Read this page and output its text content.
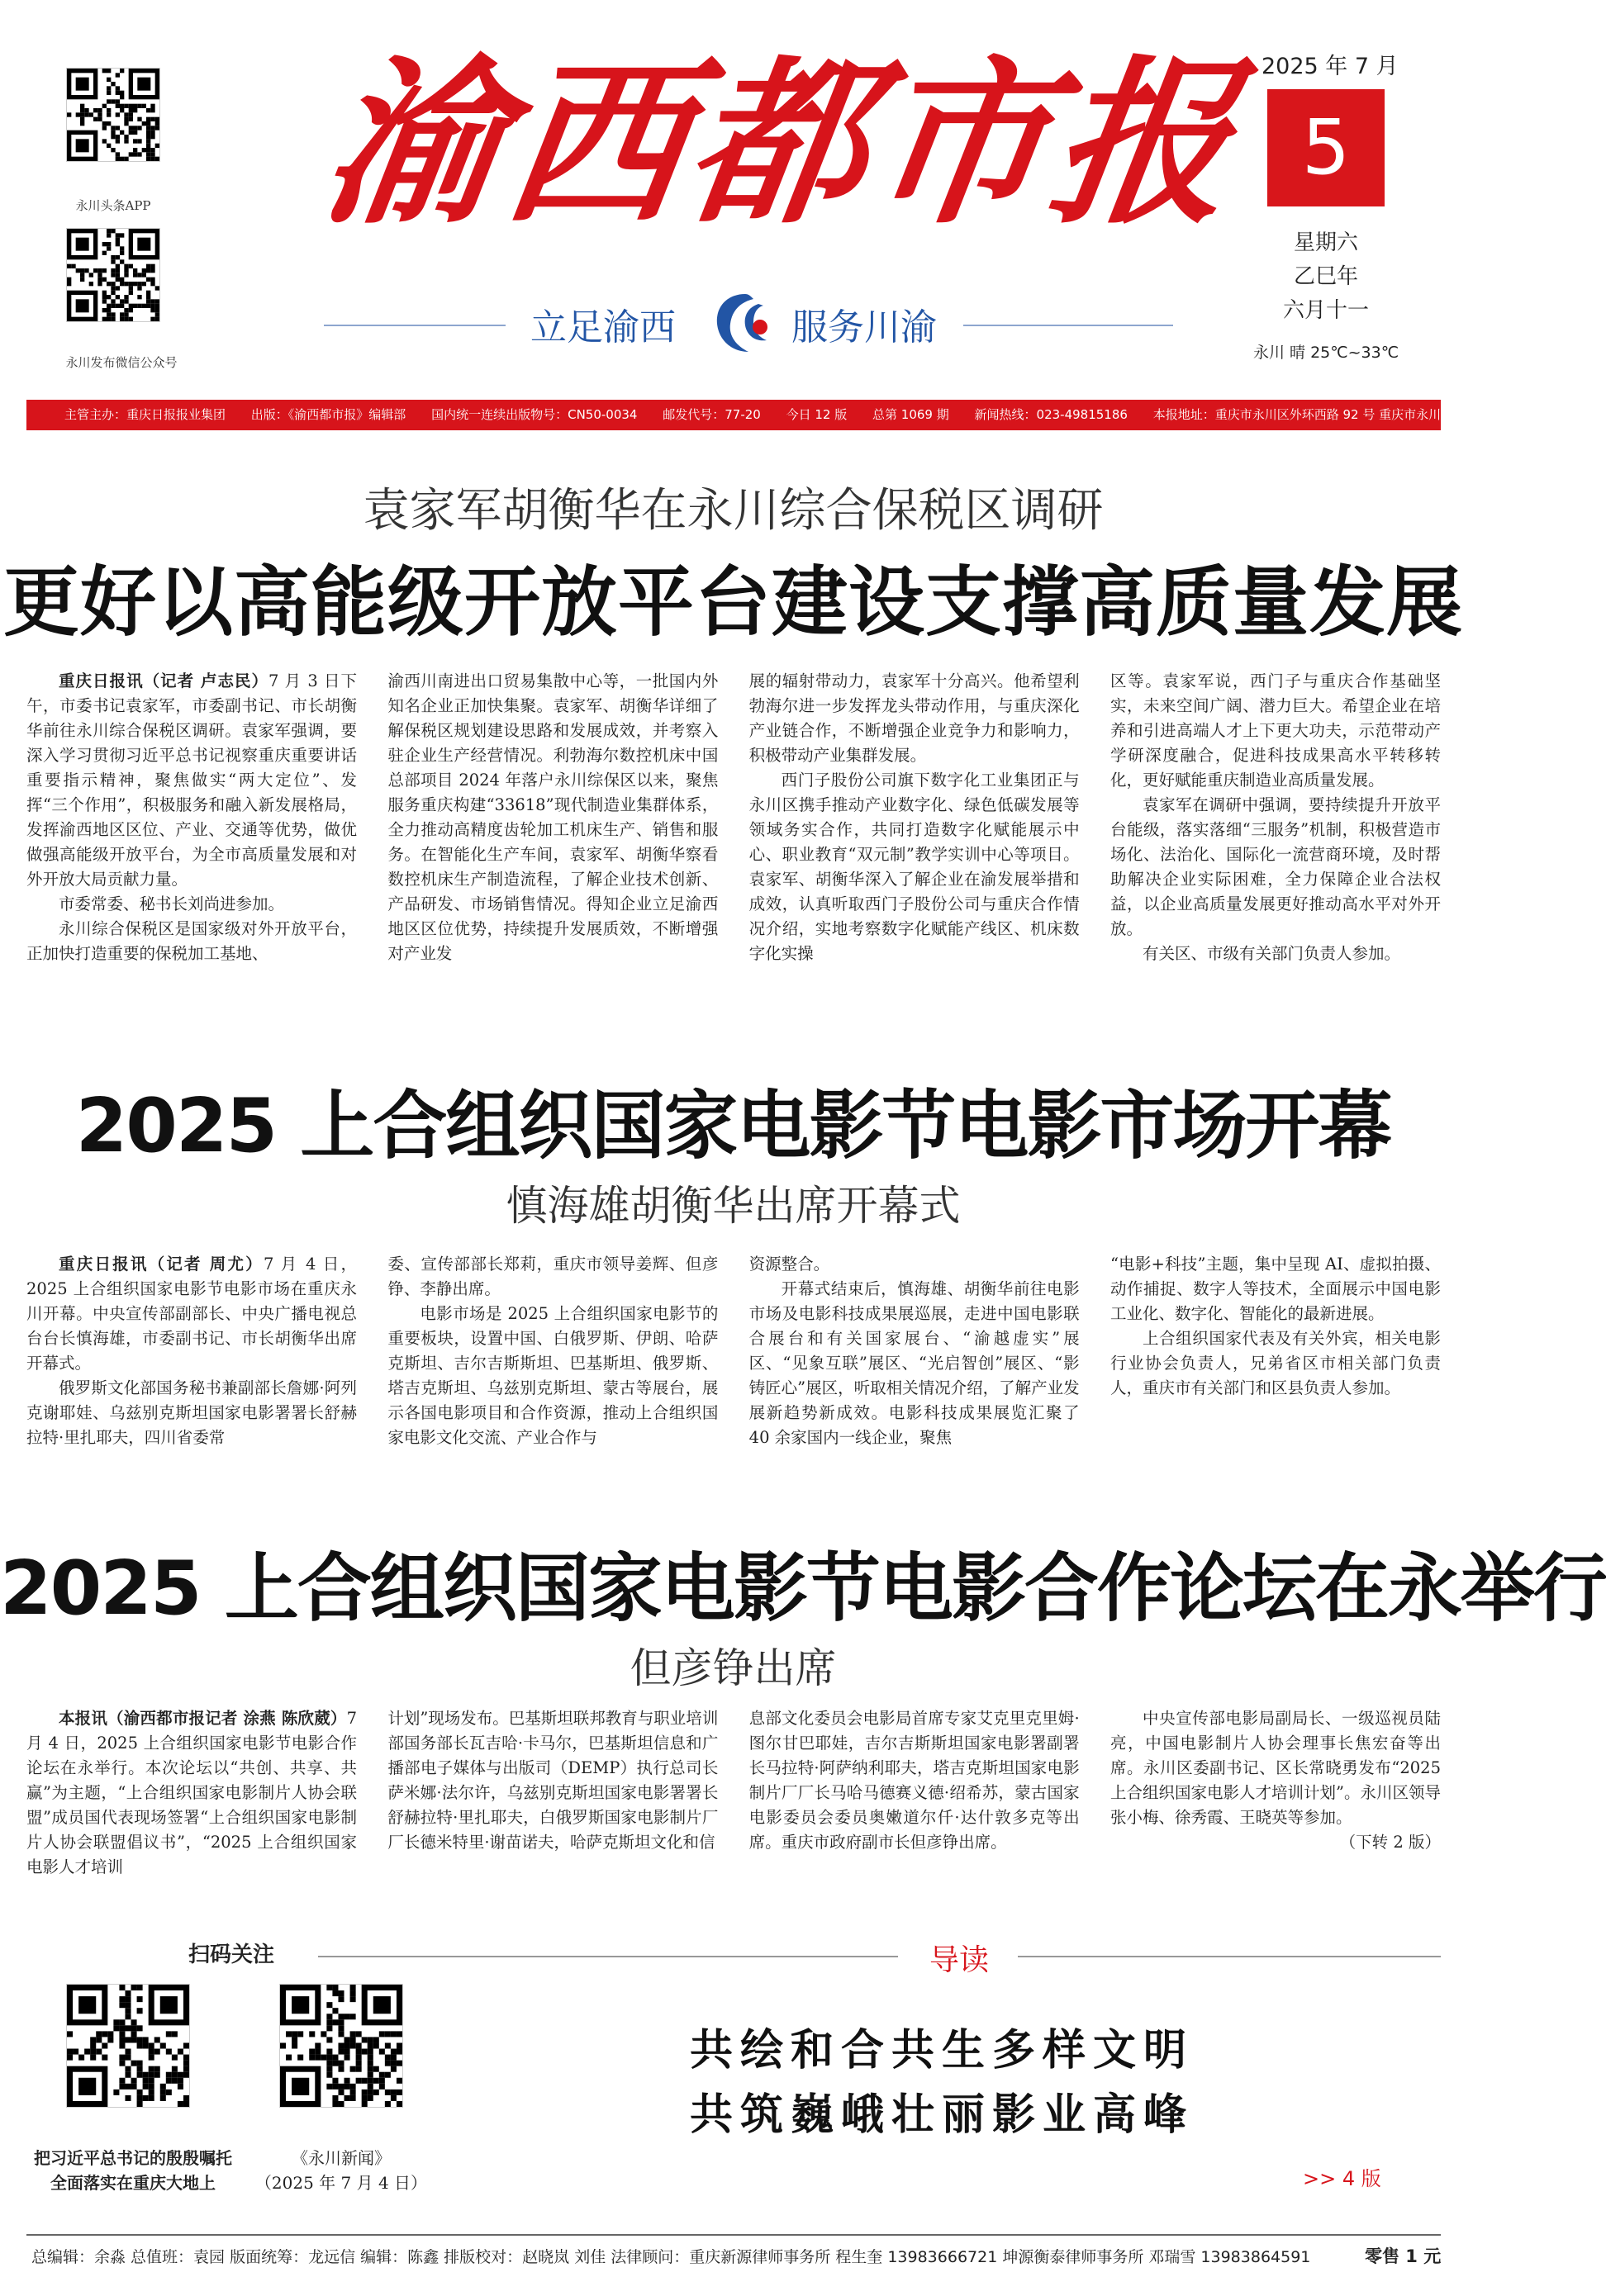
永川头条APP
永川发布微信公众号
渝西都市报
立足渝西	服务川渝
2025 年 7 月
5
星期六
乙巳年
六月十一
永川 晴 25℃~33℃
主管主办：重庆日报报业集团 出版：《渝西都市报》编辑部 国内统一连续出版物号：CN50-0034 邮发代号：77-20 今日 12 版 总第 1069 期 新闻热线：023-49815186 本报地址：重庆市永川区外环西路 92 号 重庆市永川区融媒体中心
袁家军胡衡华在永川综合保税区调研
更好以高能级开放平台建设支撑高质量发展

重庆日报讯（记者 卢志民）7 月 3 日下午，市委书记袁家军，市委副书记、市长胡衡华前往永川综合保税区调研。袁家军强调，要深入学习贯彻习近平总书记视察重庆重要讲话重要指示精神，聚焦做实“两大定位”、发挥“三个作用”，积极服务和融入新发展格局，发挥渝西地区区位、产业、交通等优势，做优做强高能级开放平台，为全市高质量发展和对外开放大局贡献力量。

市委常委、秘书长刘尚进参加。

永川综合保税区是国家级对外开放平台，正加快打造重要的保税加工基地、

渝西川南进出口贸易集散中心等，一批国内外知名企业正加快集聚。袁家军、胡衡华详细了解保税区规划建设思路和发展成效，并考察入驻企业生产经营情况。利勃海尔数控机床中国总部项目 2024 年落户永川综保区以来，聚焦服务重庆构建“33618”现代制造业集群体系，全力推动高精度齿轮加工机床生产、销售和服务。在智能化生产车间，袁家军、胡衡华察看数控机床生产制造流程，了解企业技术创新、产品研发、市场销售情况。得知企业立足渝西地区区位优势，持续提升发展质效，不断增强对产业发

展的辐射带动力，袁家军十分高兴。他希望利勃海尔进一步发挥龙头带动作用，与重庆深化产业链合作，不断增强企业竞争力和影响力，积极带动产业集群发展。

西门子股份公司旗下数字化工业集团正与永川区携手推动产业数字化、绿色低碳发展等领域务实合作，共同打造数字化赋能展示中心、职业教育“双元制”教学实训中心等项目。袁家军、胡衡华深入了解企业在渝发展举措和成效，认真听取西门子股份公司与重庆合作情况介绍，实地考察数字化赋能产线区、机床数字化实操

区等。袁家军说，西门子与重庆合作基础坚实，未来空间广阔、潜力巨大。希望企业在培养和引进高端人才上下更大功夫，示范带动产学研深度融合，促进科技成果高水平转移转化，更好赋能重庆制造业高质量发展。

袁家军在调研中强调，要持续提升开放平台能级，落实落细“三服务”机制，积极营造市场化、法治化、国际化一流营商环境，及时帮助解决企业实际困难，全力保障企业合法权益，以企业高质量发展更好推动高水平对外开放。

有关区、市级有关部门负责人参加。

2025 上合组织国家电影节电影市场开幕
慎海雄胡衡华出席开幕式

重庆日报讯（记者 周尤）7 月 4 日，2025 上合组织国家电影节电影市场在重庆永川开幕。中央宣传部副部长、中央广播电视总台台长慎海雄，市委副书记、市长胡衡华出席开幕式。

俄罗斯文化部国务秘书兼副部长詹娜·阿列克谢耶娃、乌兹别克斯坦国家电影署署长舒赫拉特·里扎耶夫，四川省委常

委、宣传部部长郑莉，重庆市领导姜辉、但彦铮、李静出席。

电影市场是 2025 上合组织国家电影节的重要板块，设置中国、白俄罗斯、伊朗、哈萨克斯坦、吉尔吉斯斯坦、巴基斯坦、俄罗斯、塔吉克斯坦、乌兹别克斯坦、蒙古等展台，展示各国电影项目和合作资源，推动上合组织国家电影文化交流、产业合作与

资源整合。

开幕式结束后，慎海雄、胡衡华前往电影市场及电影科技成果展巡展，走进中国电影联合展台和有关国家展台、“渝越虚实”展区、“见象互联”展区、“光启智创”展区、“影铸匠心”展区，听取相关情况介绍，了解产业发展新趋势新成效。电影科技成果展览汇聚了 40 余家国内一线企业，聚焦

“电影+科技”主题，集中呈现 AI、虚拟拍摄、动作捕捉、数字人等技术，全面展示中国电影工业化、数字化、智能化的最新进展。

上合组织国家代表及有关外宾，相关电影行业协会负责人，兄弟省区市相关部门负责人，重庆市有关部门和区县负责人参加。

2025 上合组织国家电影节电影合作论坛在永举行
但彦铮出席

本报讯（渝西都市报记者 涂燕 陈欣葳）7 月 4 日，2025 上合组织国家电影节电影合作论坛在永举行。本次论坛以“共创、共享、共赢”为主题，“上合组织国家电影制片人协会联盟”成员国代表现场签署“上合组织国家电影制片人协会联盟倡议书”，“2025 上合组织国家电影人才培训

计划”现场发布。巴基斯坦联邦教育与职业培训部国务部长瓦吉哈·卡马尔，巴基斯坦信息和广播部电子媒体与出版司（DEMP）执行总司长萨米娜·法尔许，乌兹别克斯坦国家电影署署长舒赫拉特·里扎耶夫，白俄罗斯国家电影制片厂厂长德米特里·谢苗诺夫，哈萨克斯坦文化和信

息部文化委员会电影局首席专家艾克里克里姆·图尔甘巴耶娃，吉尔吉斯斯坦国家电影署副署长马拉特·阿萨纳利耶夫，塔吉克斯坦国家电影制片厂厂长马哈马德赛义德·绍希苏，蒙古国家电影委员会委员奥嫩道尔仟·达什敦多克等出席。重庆市政府副市长但彦铮出席。

中央宣传部电影局副局长、一级巡视员陆亮，中国电影制片人协会理事长焦宏奋等出席。永川区委副书记、区长常晓勇发布“2025 上合组织国家电影人才培训计划”。永川区领导张小梅、徐秀霞、王晓英等参加。

（下转 2 版）

扫码关注	导读
把习近平总书记的殷殷嘱托
全面落实在重庆大地上
《永川新闻》
（2025 年 7 月 4 日）
共绘和合共生多样文明
共筑巍峨壮丽影业高峰
>> 4 版
总编辑：余淼 总值班：袁园 版面统筹：龙远信 编辑：陈鑫 排版校对：赵晓岚 刘佳 法律顾问：重庆新源律师事务所 程生奎 13983666721 坤源衡泰律师事务所 邓瑞雪 13983864591	零售 1 元
